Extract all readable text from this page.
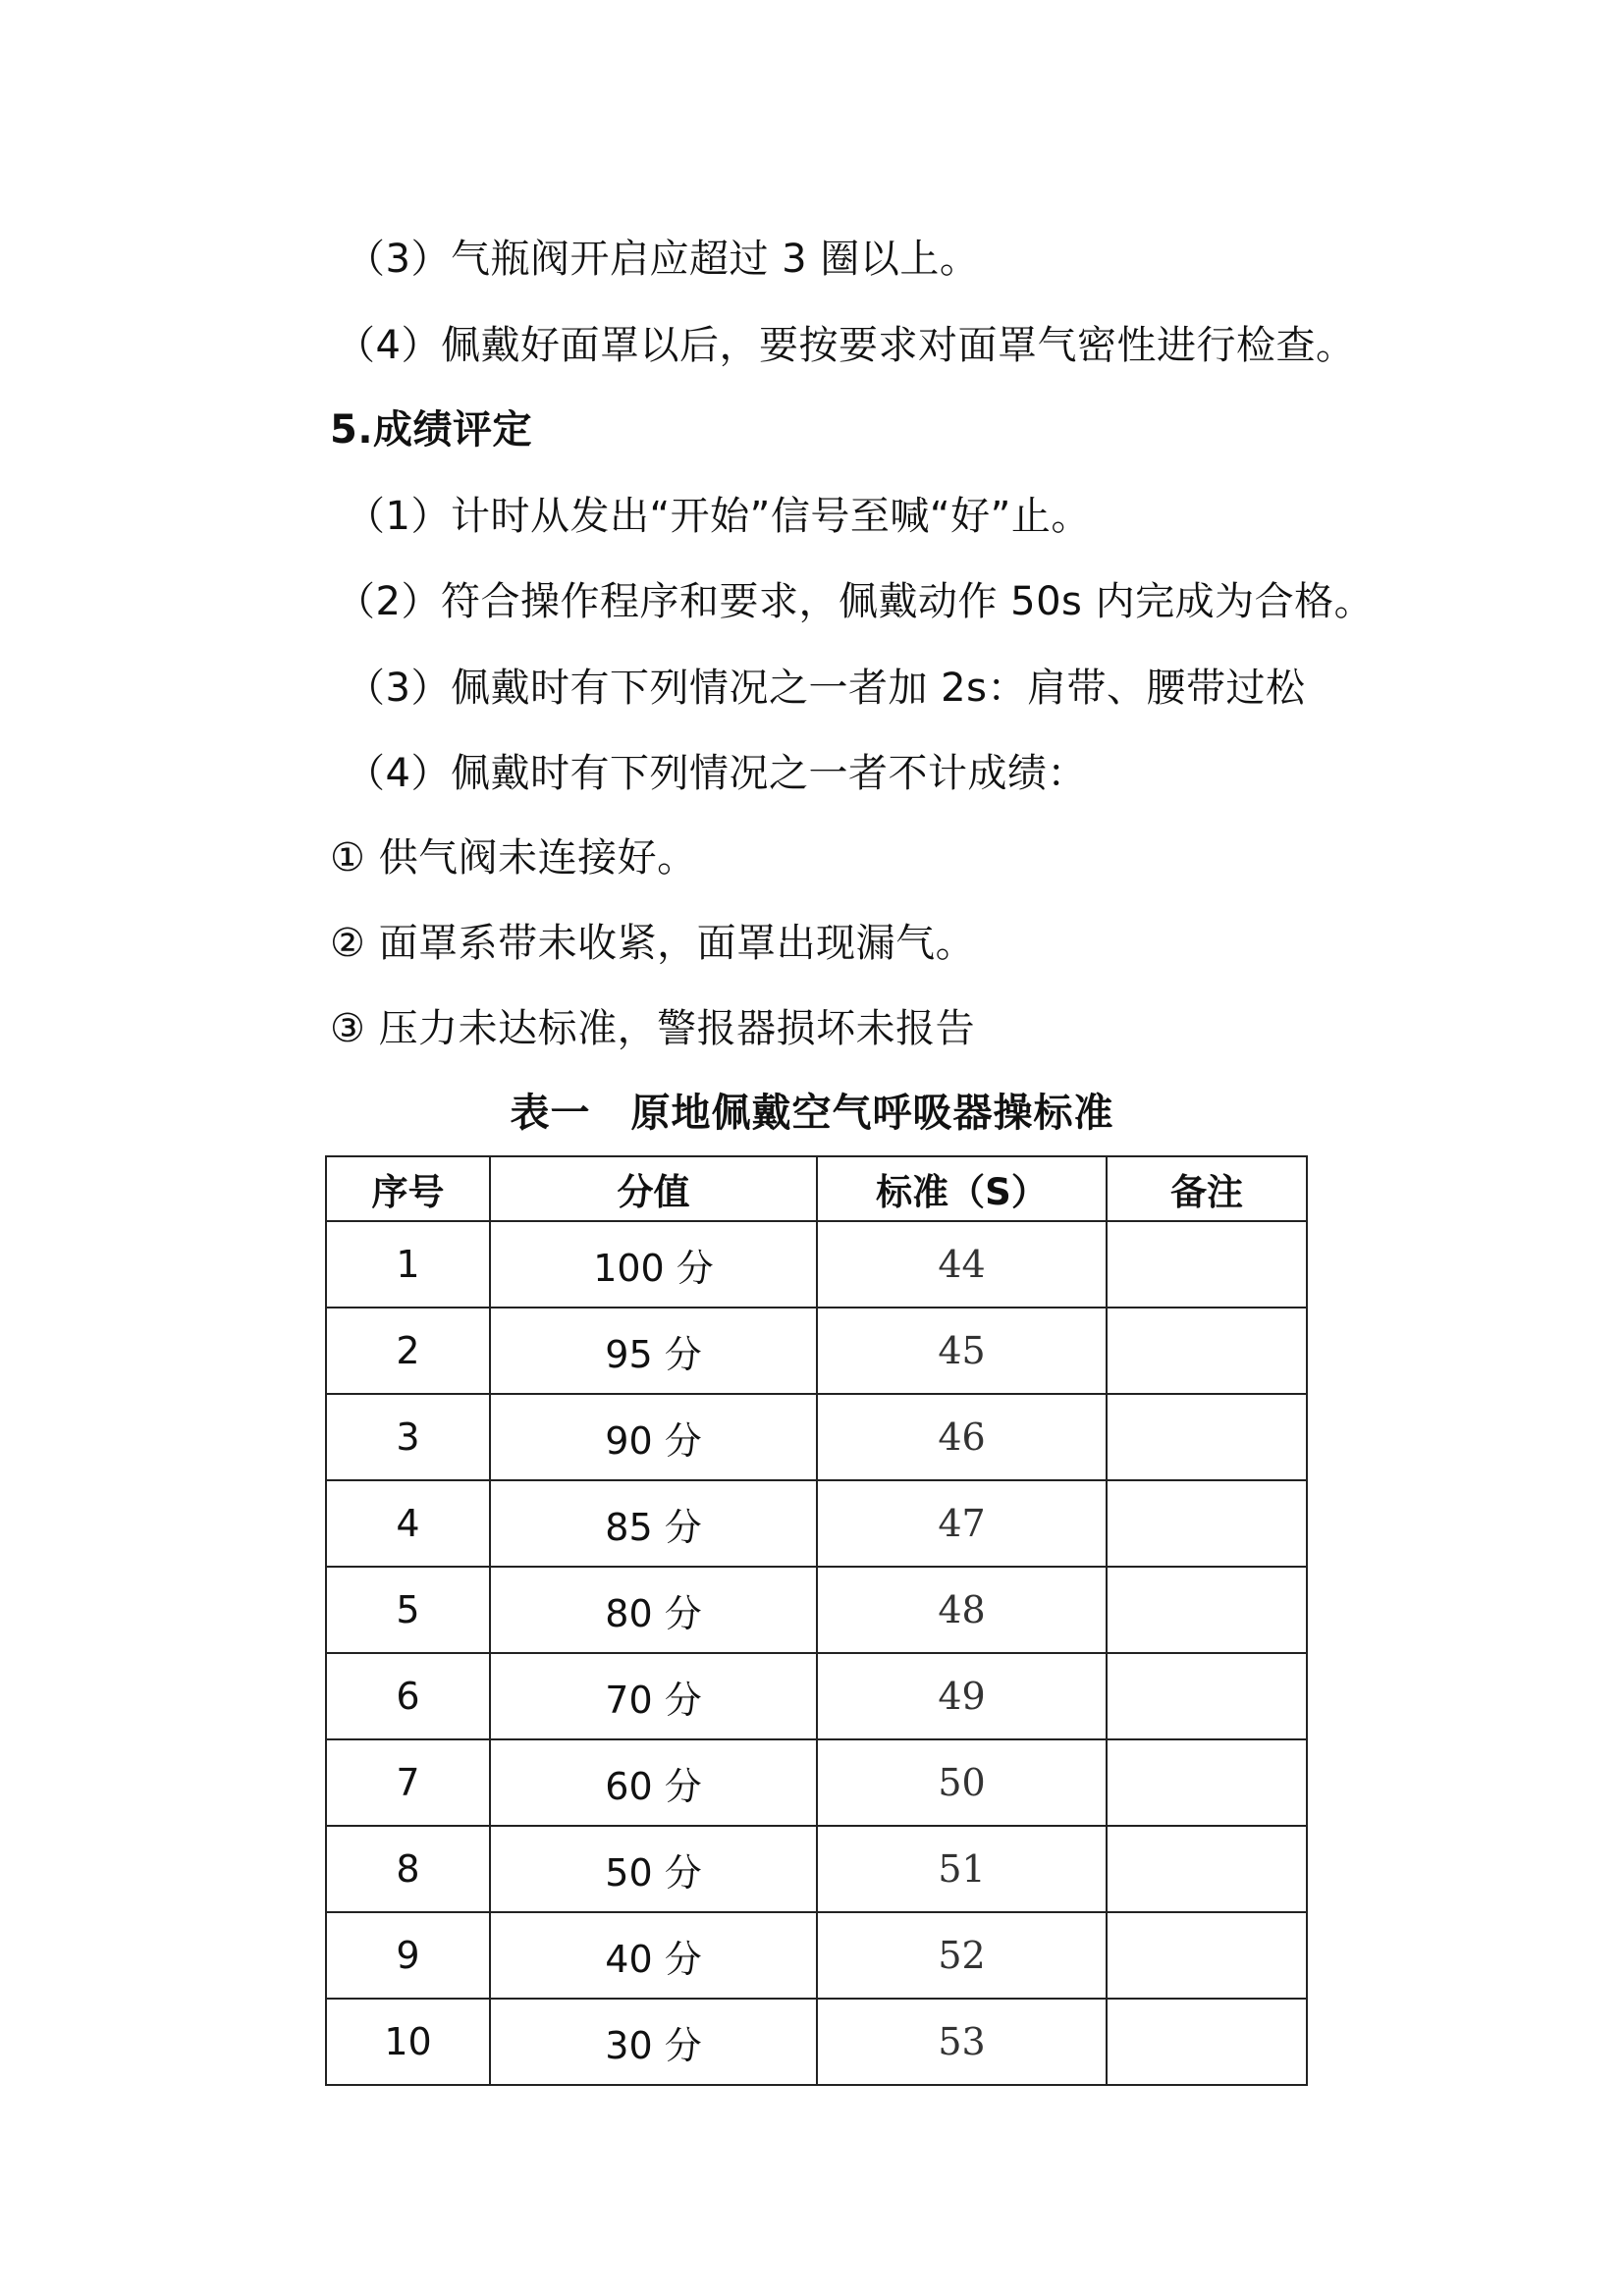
（3）气瓶阀开启应超过 3 圈以上。
（4）佩戴好面罩以后，要按要求对面罩气密性进行检查。
5.成绩评定
（1）计时从发出“开始”信号至喊“好”止。
（2）符合操作程序和要求，佩戴动作 50s 内完成为合格。
（3）佩戴时有下列情况之一者加 2s：肩带、腰带过松
（4）佩戴时有下列情况之一者不计成绩：
① 供气阀未连接好。
② 面罩系带未收紧，面罩出现漏气。
③ 压力未达标准，警报器损坏未报告
表一　原地佩戴空气呼吸器操标准
序号	分值	标准（S）	备注
1	100 分	44	
2	95 分	45	
3	90 分	46	
4	85 分	47	
5	80 分	48	
6	70 分	49	
7	60 分	50	
8	50 分	51	
9	40 分	52	
10	30 分	53	
